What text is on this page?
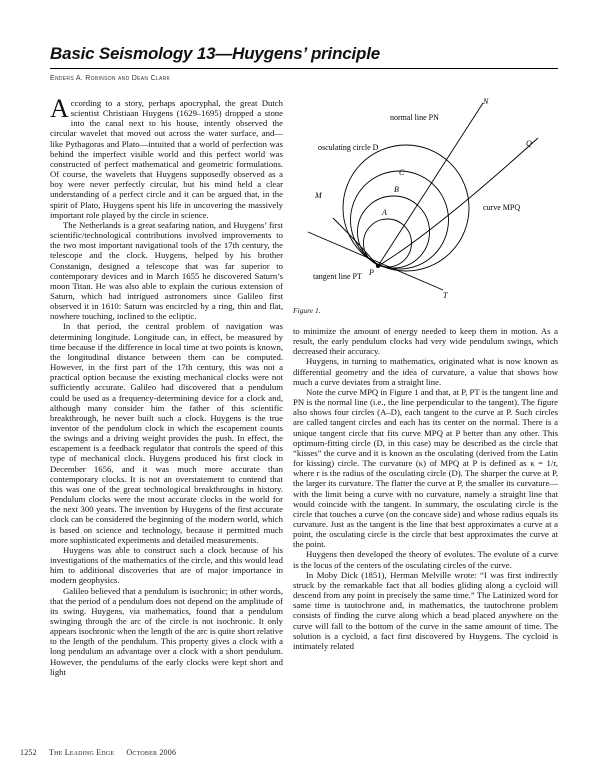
Basic Seismology 13—Huygens’ principle
Enders A. Robinson and Dean Clark

According to a story, perhaps apocryphal, the great Dutch scientist Christiaan Huygens (1629–1695) dropped a stone into the canal next to his house, intently observed the circular wavelet that moved out across the water surface, and—like Pythagoras and Plato—intuited that a world of perfection was behind the imperfect visible world and this perfect world was constructed of perfect mathematical and geometric formulations. Of course, the wavelets that Huygens supposedly observed as a boy were never perfectly circular, but his mind held a clear understanding of a perfect circle and it can be argued that, in the spirit of Plato, Huygens spent his life in uncovering the massively important role played by the circle in science.

The Netherlands is a great seafaring nation, and Huygens’ first scientific/technological contributions involved improvements to the two most important navigational tools of the 17th century, the telescope and the clock. Huygens, helped by his brother Constanign, designed a telescope that was far superior to contemporary devices and in March 1655 he discovered Saturn’s moon Titan. He was also able to explain the curious extension of Saturn, which had intrigued astronomers since Galileo first observed it in 1610: Saturn was encircled by a ring, thin and flat, nowhere touching, inclined to the ecliptic.

In that period, the central problem of navigation was determining longitude. Longitude can, in effect, be measured by time because if the difference in local time at two points is known, the longitudinal distance between them can be computed. However, in the first part of the 17th century, this was not a practical option because the existing mechanical clocks were not sufficiently accurate. Galileo had discovered that a pendulum could be used as a frequency-determining device for a clock and, although many consider him the father of this scientific breakthrough, he never built such a clock. Huygens is the true inventor of the pendulum clock in which the escapement counts the swings and a driving weight provides the push. In effect, the escapement is a feedback regulator that controls the speed of this type of mechanical clock. Huygens produced his first clock in December 1656, and it was much more accurate than contemporary clocks. It is not an overstatement to contend that this was one of the great technological breakthroughs in history. Pendulum clocks were the most accurate clocks in the world for the next 300 years. The invention by Huygens of the first accurate clock can be considered the beginning of the modern world, which is based on science and technology, because it permitted much more sophisticated experiments and detailed measurements.

Huygens was able to construct such a clock because of his investigations of the mathematics of the circle, and this would lead him to additional discoveries that are of major importance in modern geophysics.

Galileo believed that a pendulum is isochronic; in other words, that the period of a pendulum does not depend on the amplitude of its swing. Huygens, via mathematics, found that a pendulum swinging through the arc of the circle is not isochronic. It only appears isochronic when the length of the arc is quite short relative to the length of the pendulum. This property gives a clock with a long pendulum an advantage over a clock with a short pendulum. However, the pendulums of the early clocks were kept short and light

N
normal line PN
osculating circle D	Q
C
B
M
A
curve MPQ
P
tangent line PT
T
Figure 1.

to minimize the amount of energy needed to keep them in motion. As a result, the early pendulum clocks had very wide pendulum swings, which decreased their accuracy.

Huygens, in turning to mathematics, originated what is now known as differential geometry and the idea of curvature, a value that shows how much a curve deviates from a straight line.

Note the curve MPQ in Figure 1 and that, at P, PT is the tangent line and PN is the normal line (i.e., the line perpendicular to the tangent). The figure also shows four circles (A–D), each tangent to the curve at P. Such circles are called tangent circles and each has its center on the normal. There is a unique tangent circle that fits curve MPQ at P better than any other. This optimum-fitting circle (D, in this case) may be described as the circle that “kisses” the curve and it is known as the osculating (derived from the Latin for kissing) circle. The curvature (κ) of MPQ at P is defined as κ = 1/r, where r is the radius of the osculating circle (D). The sharper the curve at P, the larger its curvature. The flatter the curve at P, the smaller its curvature—with the limit being a curve with no curvature, namely a straight line that would coincide with the tangent. In summary, the osculating circle is the circle that touches a curve (on the concave side) and whose radius equals its curvature. Just as the tangent is the line that best approximates a curve at a point, the osculating circle is the circle that best approximates the curve at the point.

Huygens then developed the theory of evolutes. The evolute of a curve is the locus of the centers of the osculating circles of the curve.

In Moby Dick (1851), Herman Melville wrote: “I was first indirectly struck by the remarkable fact that all bodies gliding along a cycloid will descend from any point in precisely the same time.” The Latinized word for same time is tautochrone and, in mathematics, the tautochrone problem consists of finding the curve along which a bead placed anywhere on the curve will fall to the bottom of the curve in the same amount of time. The solution is a cycloid, a fact first discovered by Huygens. The cycloid is intimately related

1252 The Leading Edge October 2006
